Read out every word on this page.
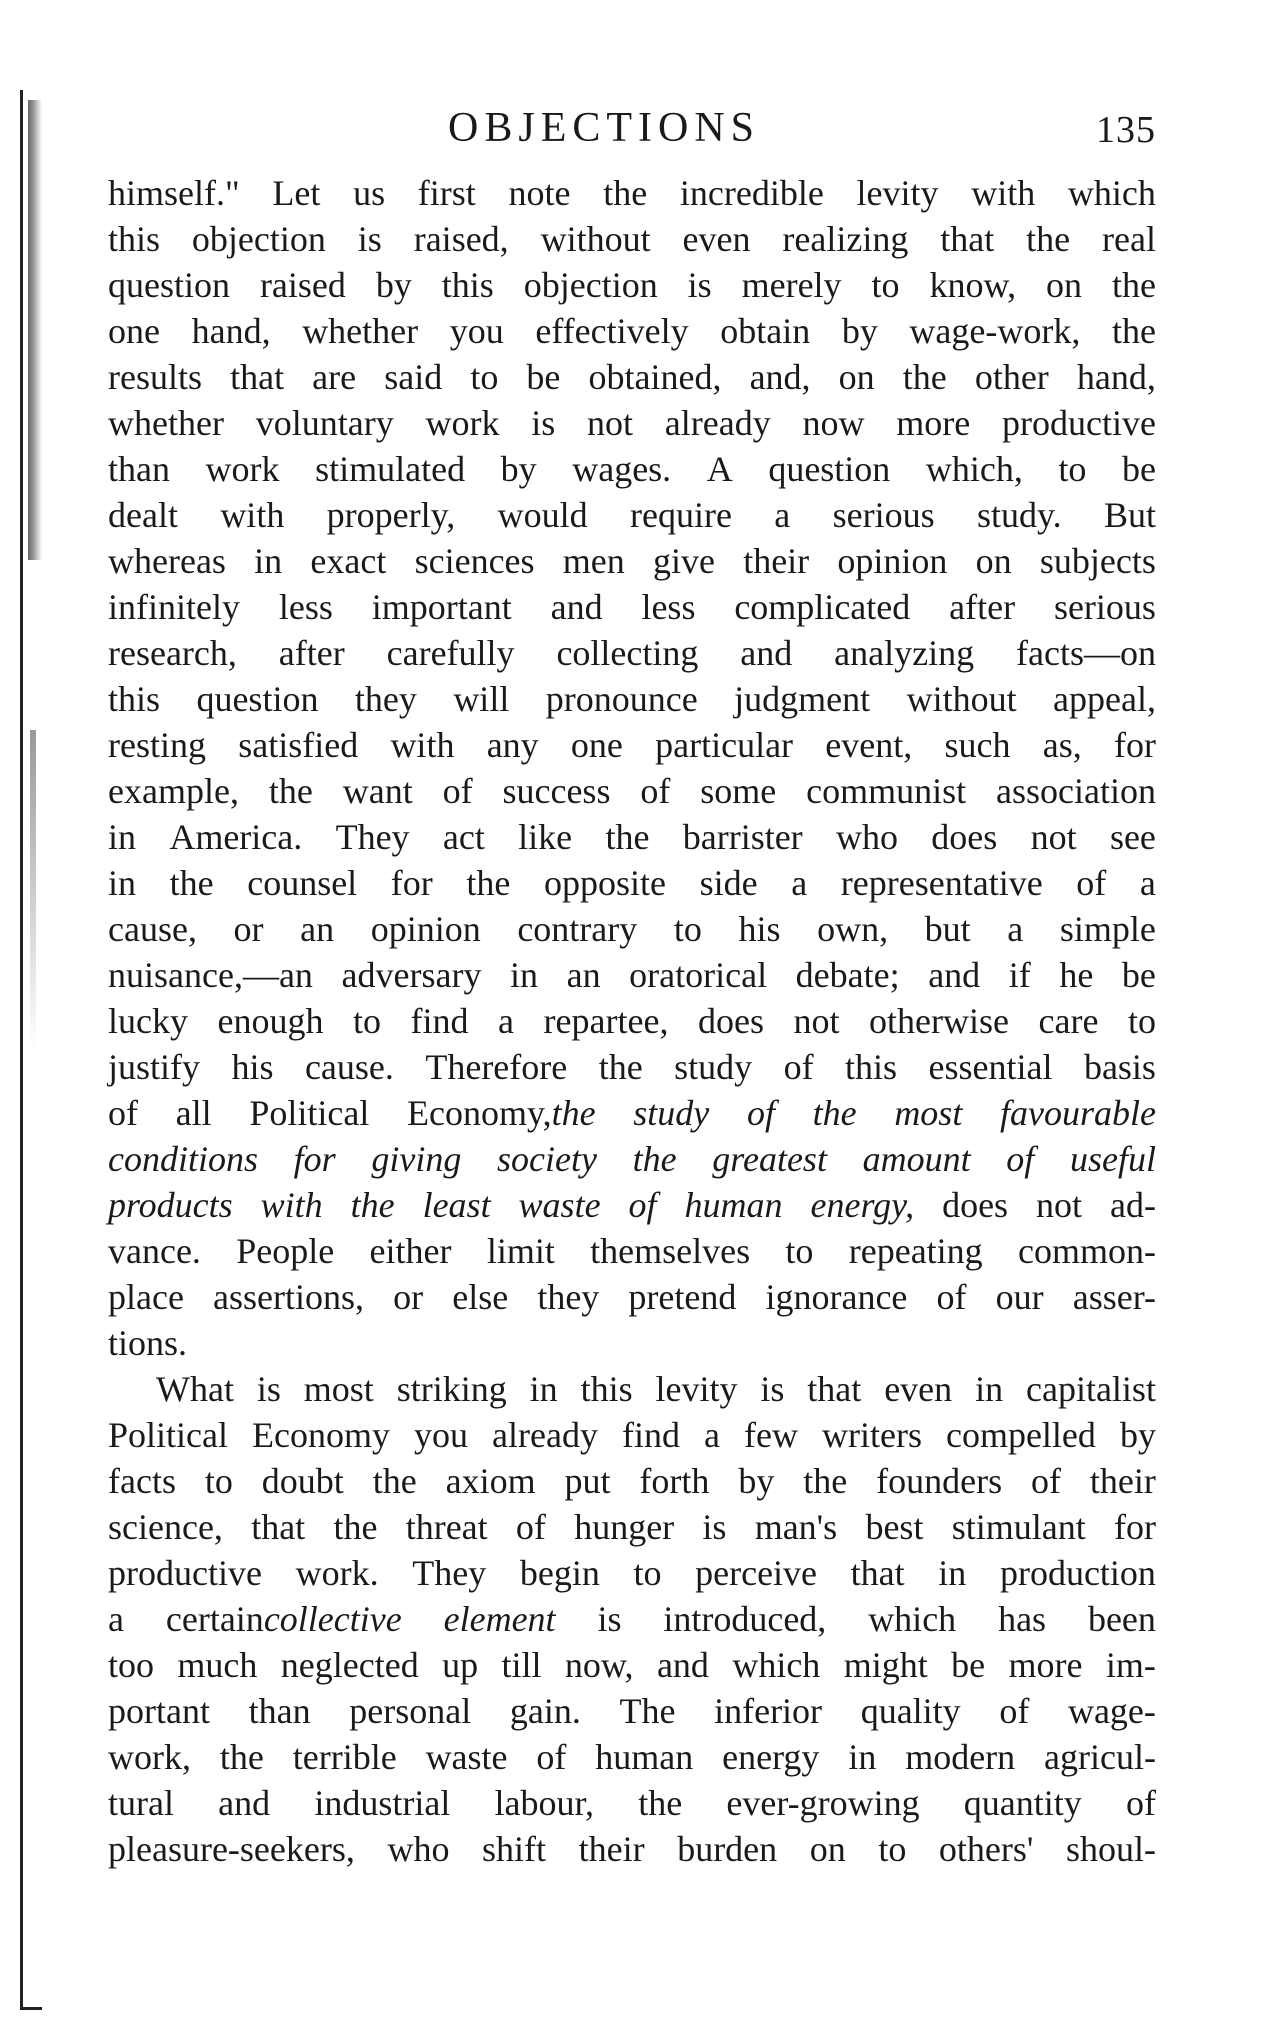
OBJECTIONS	135
himself." Let us first note the incredible levity with which
this objection is raised, without even realizing that the real
question raised by this objection is merely to know, on the
one hand, whether you effectively obtain by wage-work, the
results that are said to be obtained, and, on the other hand,
whether voluntary work is not already now more productive
than work stimulated by wages. A question which, to be
dealt with properly, would require a serious study. But
whereas in exact sciences men give their opinion on subjects
infinitely less important and less complicated after serious
research, after carefully collecting and analyzing facts—on
this question they will pronounce judgment without appeal,
resting satisfied with any one particular event, such as, for
example, the want of success of some communist association
in America. They act like the barrister who does not see
in the counsel for the opposite side a representative of a
cause, or an opinion contrary to his own, but a simple
nuisance,—an adversary in an oratorical debate; and if he be
lucky enough to find a repartee, does not otherwise care to
justify his cause. Therefore the study of this essential basis
of all Political Economy,the study of the most favourable
conditions for giving society the greatest amount of useful
products with the least waste of human energy, does not ad-
vance. People either limit themselves to repeating common-
place assertions, or else they pretend ignorance of our asser-
tions.
What is most striking in this levity is that even in capitalist
Political Economy you already find a few writers compelled by
facts to doubt the axiom put forth by the founders of their
science, that the threat of hunger is man's best stimulant for
productive work. They begin to perceive that in production
a certaincollective element is introduced, which has been
too much neglected up till now, and which might be more im-
portant than personal gain. The inferior quality of wage-
work, the terrible waste of human energy in modern agricul-
tural and industrial labour, the ever-growing quantity of
pleasure-seekers, who shift their burden on to others' shoul-
